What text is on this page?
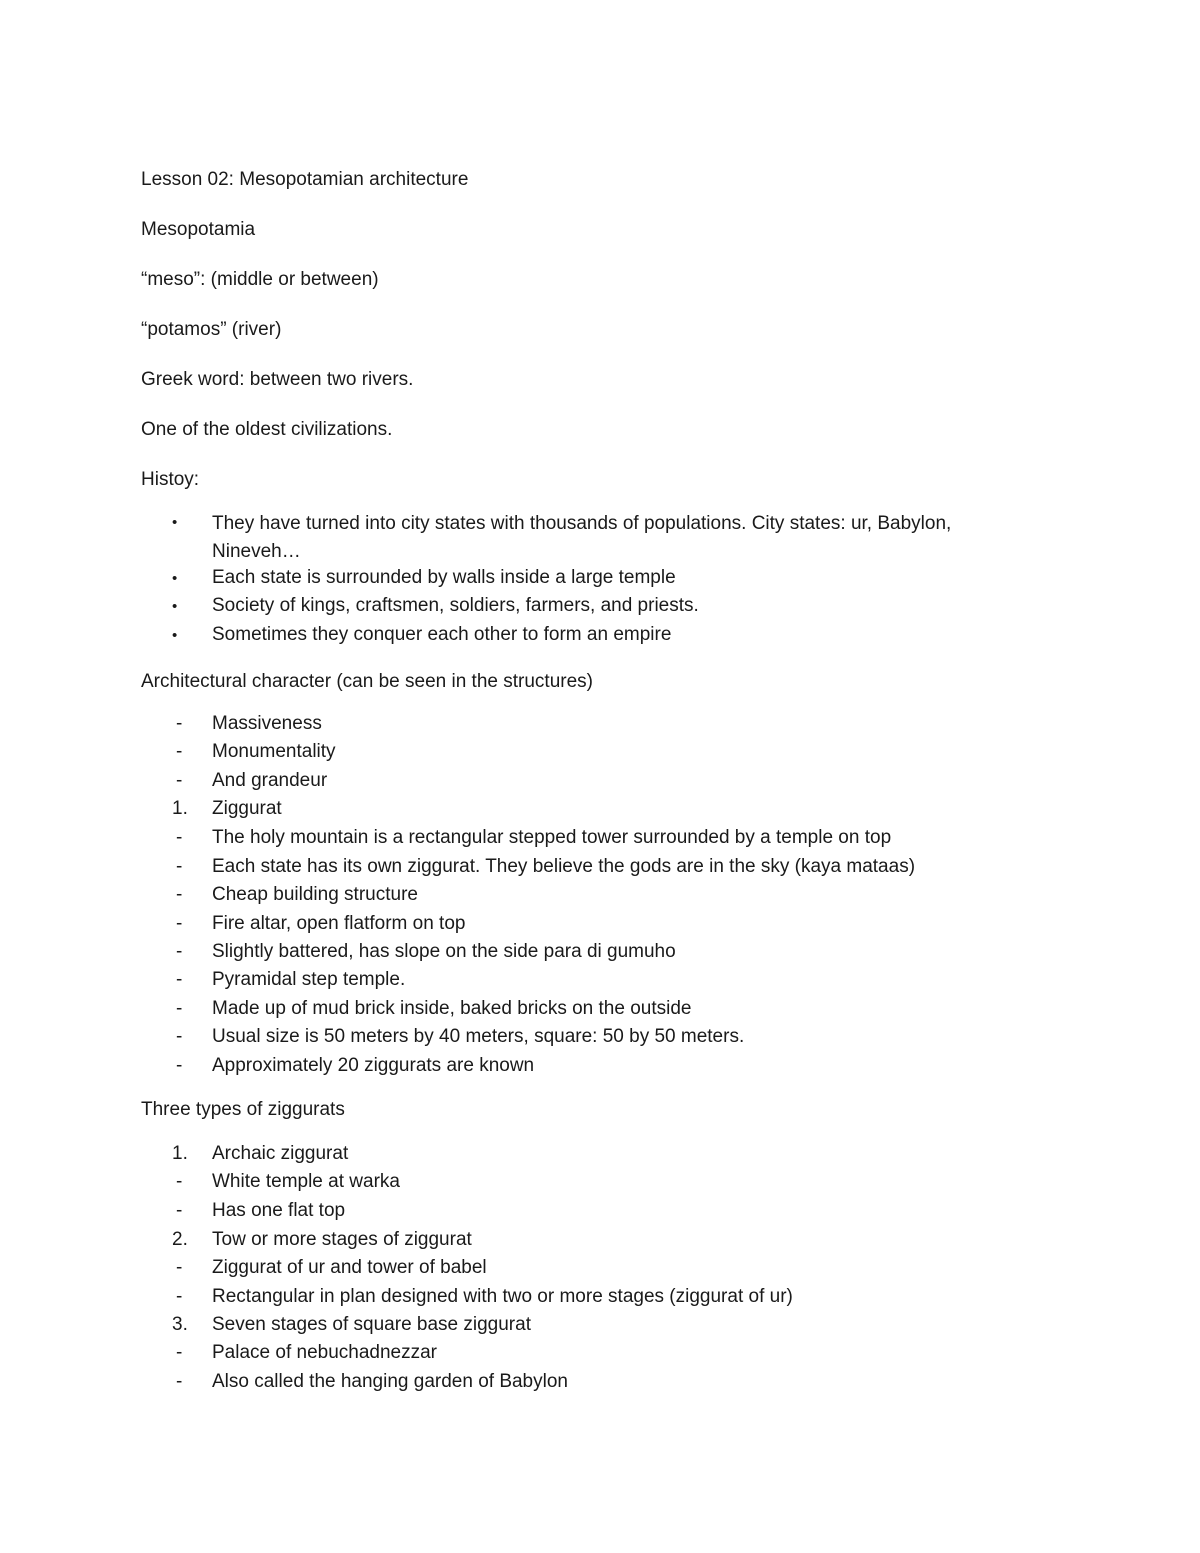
Lesson 02: Mesopotamian architecture
Mesopotamia
“meso”: (middle or between)
“potamos” (river)
Greek word: between two rivers.
One of the oldest civilizations.
Histoy:
•	They have turned into city states with thousands of populations. City states: ur, Babylon, Nineveh…
•	Each state is surrounded by walls inside a large temple
•	Society of kings, craftsmen, soldiers, farmers, and priests.
•	Sometimes they conquer each other to form an empire
Architectural character (can be seen in the structures)
-	Massiveness
-	Monumentality
-	And grandeur
1.	Ziggurat
-	The holy mountain is a rectangular stepped tower surrounded by a temple on top
-	Each state has its own ziggurat. They believe the gods are in the sky (kaya mataas)
-	Cheap building structure
-	Fire altar, open flatform on top
-	Slightly battered, has slope on the side para di gumuho
-	Pyramidal step temple.
-	Made up of mud brick inside, baked bricks on the outside
-	Usual size is 50 meters by 40 meters, square: 50 by 50 meters.
-	Approximately 20 ziggurats are known
Three types of ziggurats
1.	Archaic ziggurat
-	White temple at warka
-	Has one flat top
2.	Tow or more stages of ziggurat
-	Ziggurat of ur and tower of babel
-	Rectangular in plan designed with two or more stages (ziggurat of ur)
3.	Seven stages of square base ziggurat
-	Palace of nebuchadnezzar
-	Also called the hanging garden of Babylon
